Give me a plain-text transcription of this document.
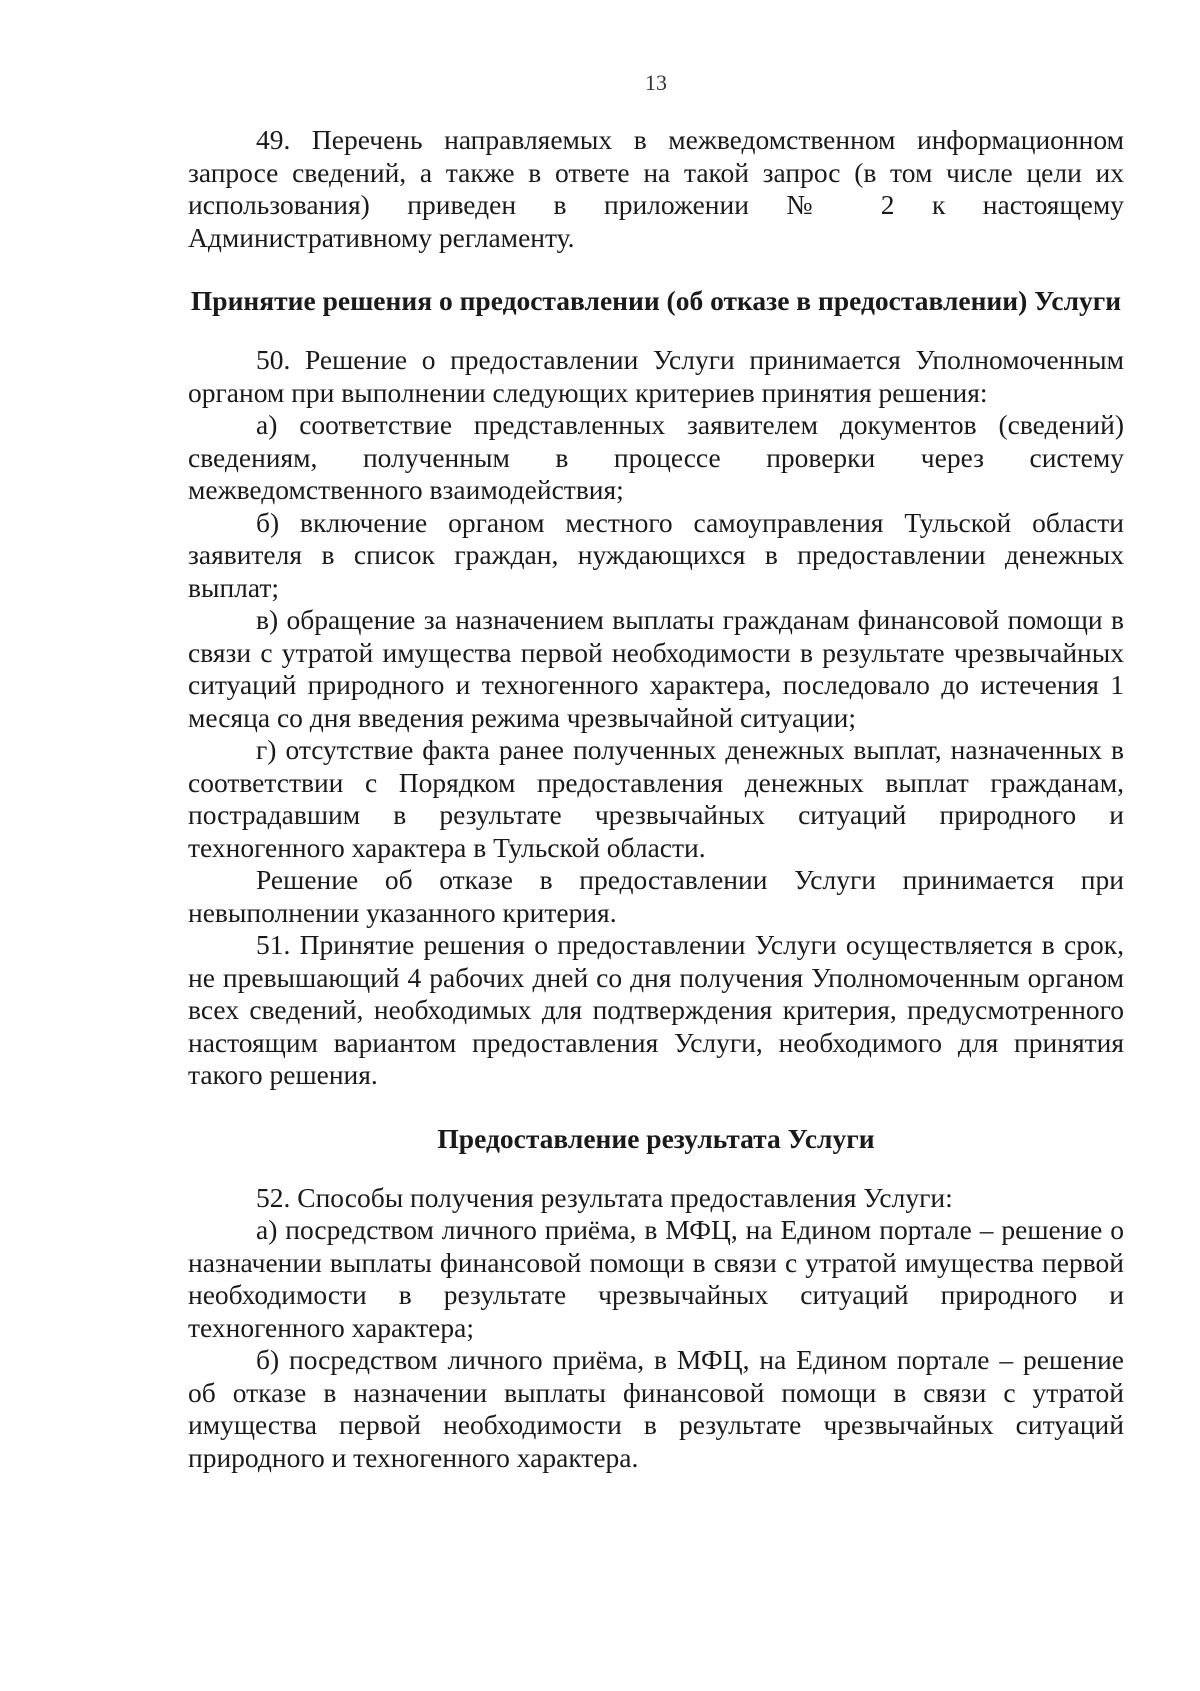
13

49. Перечень направляемых в межведомственном информационном запросе сведений, а также в ответе на такой запрос (в том числе цели их использования) приведен в приложении № 2 к настоящему Административному регламенту.

Принятие решения о предоставлении (об отказе в предоставлении) Услуги

50. Решение о предоставлении Услуги принимается Уполномоченным органом при выполнении следующих критериев принятия решения:

а) соответствие представленных заявителем документов (сведений) сведениям, полученным в процессе проверки через систему межведомственного взаимодействия;

б) включение органом местного самоуправления Тульской области заявителя в список граждан, нуждающихся в предоставлении денежных выплат;

в) обращение за назначением выплаты гражданам финансовой помощи в связи с утратой имущества первой необходимости в результате чрезвычайных ситуаций природного и техногенного характера, последовало до истечения 1 месяца со дня введения режима чрезвычайной ситуации;

г) отсутствие факта ранее полученных денежных выплат, назначенных в соответствии с Порядком предоставления денежных выплат гражданам, пострадавшим в результате чрезвычайных ситуаций природного и техногенного характера в Тульской области.

Решение об отказе в предоставлении Услуги принимается при невыполнении указанного критерия.

51. Принятие решения о предоставлении Услуги осуществляется в срок, не превышающий 4 рабочих дней со дня получения Уполномоченным органом всех сведений, необходимых для подтверждения критерия, предусмотренного настоящим вариантом предоставления Услуги, необходимого для принятия такого решения.

Предоставление результата Услуги

52. Способы получения результата предоставления Услуги:

а) посредством личного приёма, в МФЦ, на Едином портале – решение о назначении выплаты финансовой помощи в связи с утратой имущества первой необходимости в результате чрезвычайных ситуаций природного и техногенного характера;

б) посредством личного приёма, в МФЦ, на Едином портале – решение об отказе в назначении выплаты финансовой помощи в связи с утратой имущества первой необходимости в результате чрезвычайных ситуаций природного и техногенного характера.
